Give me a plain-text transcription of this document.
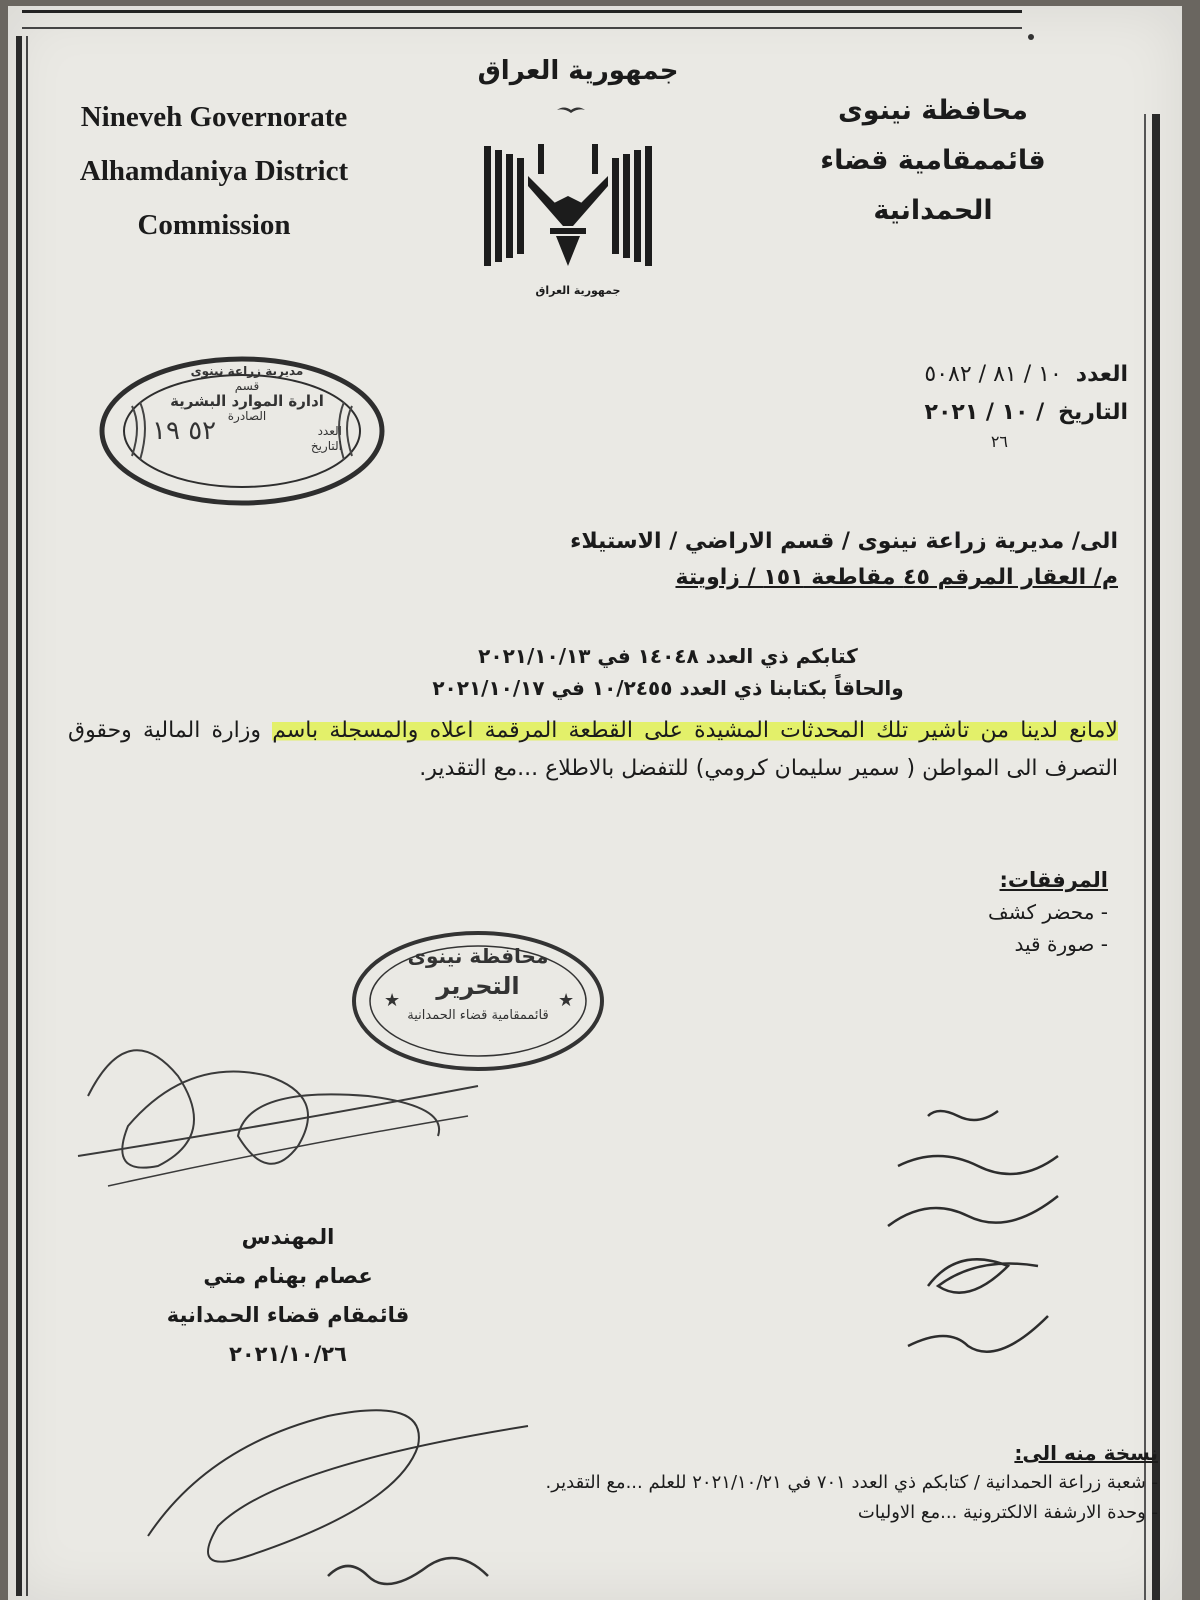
Nineveh Governorate
Alhamdaniya District
Commission
جمهورية العراق
جمهورية العراق
محافظة نينوى
قائممقامية قضاء
الحمدانية
العدد
١٠ / ٨١ / ٥٠٨٢
التاريخ
/ ١٠ / ٢٠٢١
٢٦
مديرية زراعة نينوى
قسم
ادارة الموارد البشرية
الصادرة
العدد
٥٢ ١٩	التاريخ
الى/ مديرية زراعة نينوى / قسم الاراضي / الاستيلاء
م/ العقار المرقم ٤٥ مقاطعة ١٥١ / زاويتة
كتابكم ذي العدد ١٤٠٤٨ في ٢٠٢١/١٠/١٣
والحاقاً بكتابنا ذي العدد ١٠/٢٤٥٥ في ٢٠٢١/١٠/١٧
لامانع لدينا من تاشير تلك المحدثات المشيدة على القطعة المرقمة اعلاه والمسجلة باسم وزارة المالية وحقوق التصرف الى المواطن ( سمير سليمان كرومي) للتفضل بالاطلاع ...مع التقدير.
المرفقات:
- محضر كشف
- صورة قيد
★	★
محافظة نينوى
التحرير
قائممقامية قضاء الحمدانية
المهندس
عصام بهنام متي
قائمقام قضاء الحمدانية
٢٠٢١/١٠/٢٦
نسخة منه الى:
- شعبة زراعة الحمدانية / كتابكم ذي العدد ٧٠١ في ٢٠٢١/١٠/٢١ للعلم ...مع التقدير.
- وحدة الارشفة الالكترونية ...مع الاوليات
